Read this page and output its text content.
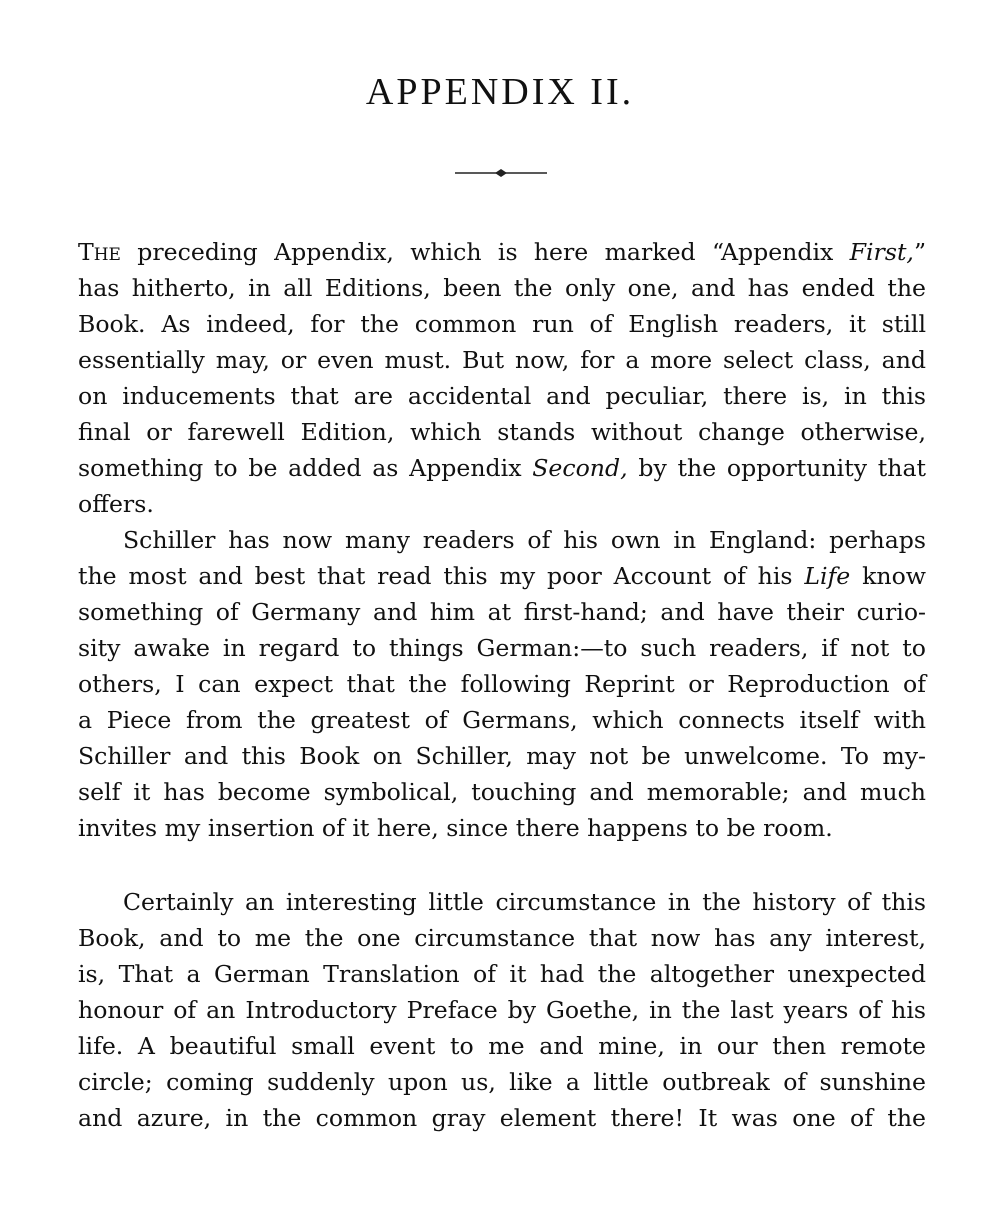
APPENDIX II.
The preceding Appendix, which is here marked “Appendix First,”
has hitherto, in all Editions, been the only one, and has ended the
Book. As indeed, for the common run of English readers, it still
essentially may, or even must. But now, for a more select class, and
on inducements that are accidental and peculiar, there is, in this
final or farewell Edition, which stands without change otherwise,
something to be added as Appendix Second, by the opportunity that
offers.
Schiller has now many readers of his own in England: perhaps
the most and best that read this my poor Account of his Life know
something of Germany and him at first-hand; and have their curio-
sity awake in regard to things German:—to such readers, if not to
others, I can expect that the following Reprint or Reproduction of
a Piece from the greatest of Germans, which connects itself with
Schiller and this Book on Schiller, may not be unwelcome. To my-
self it has become symbolical, touching and memorable; and much
invites my insertion of it here, since there happens to be room.
Certainly an interesting little circumstance in the history of this
Book, and to me the one circumstance that now has any interest,
is, That a German Translation of it had the altogether unexpected
honour of an Introductory Preface by Goethe, in the last years of his
life. A beautiful small event to me and mine, in our then remote
circle; coming suddenly upon us, like a little outbreak of sunshine
and azure, in the common gray element there! It was one of the
